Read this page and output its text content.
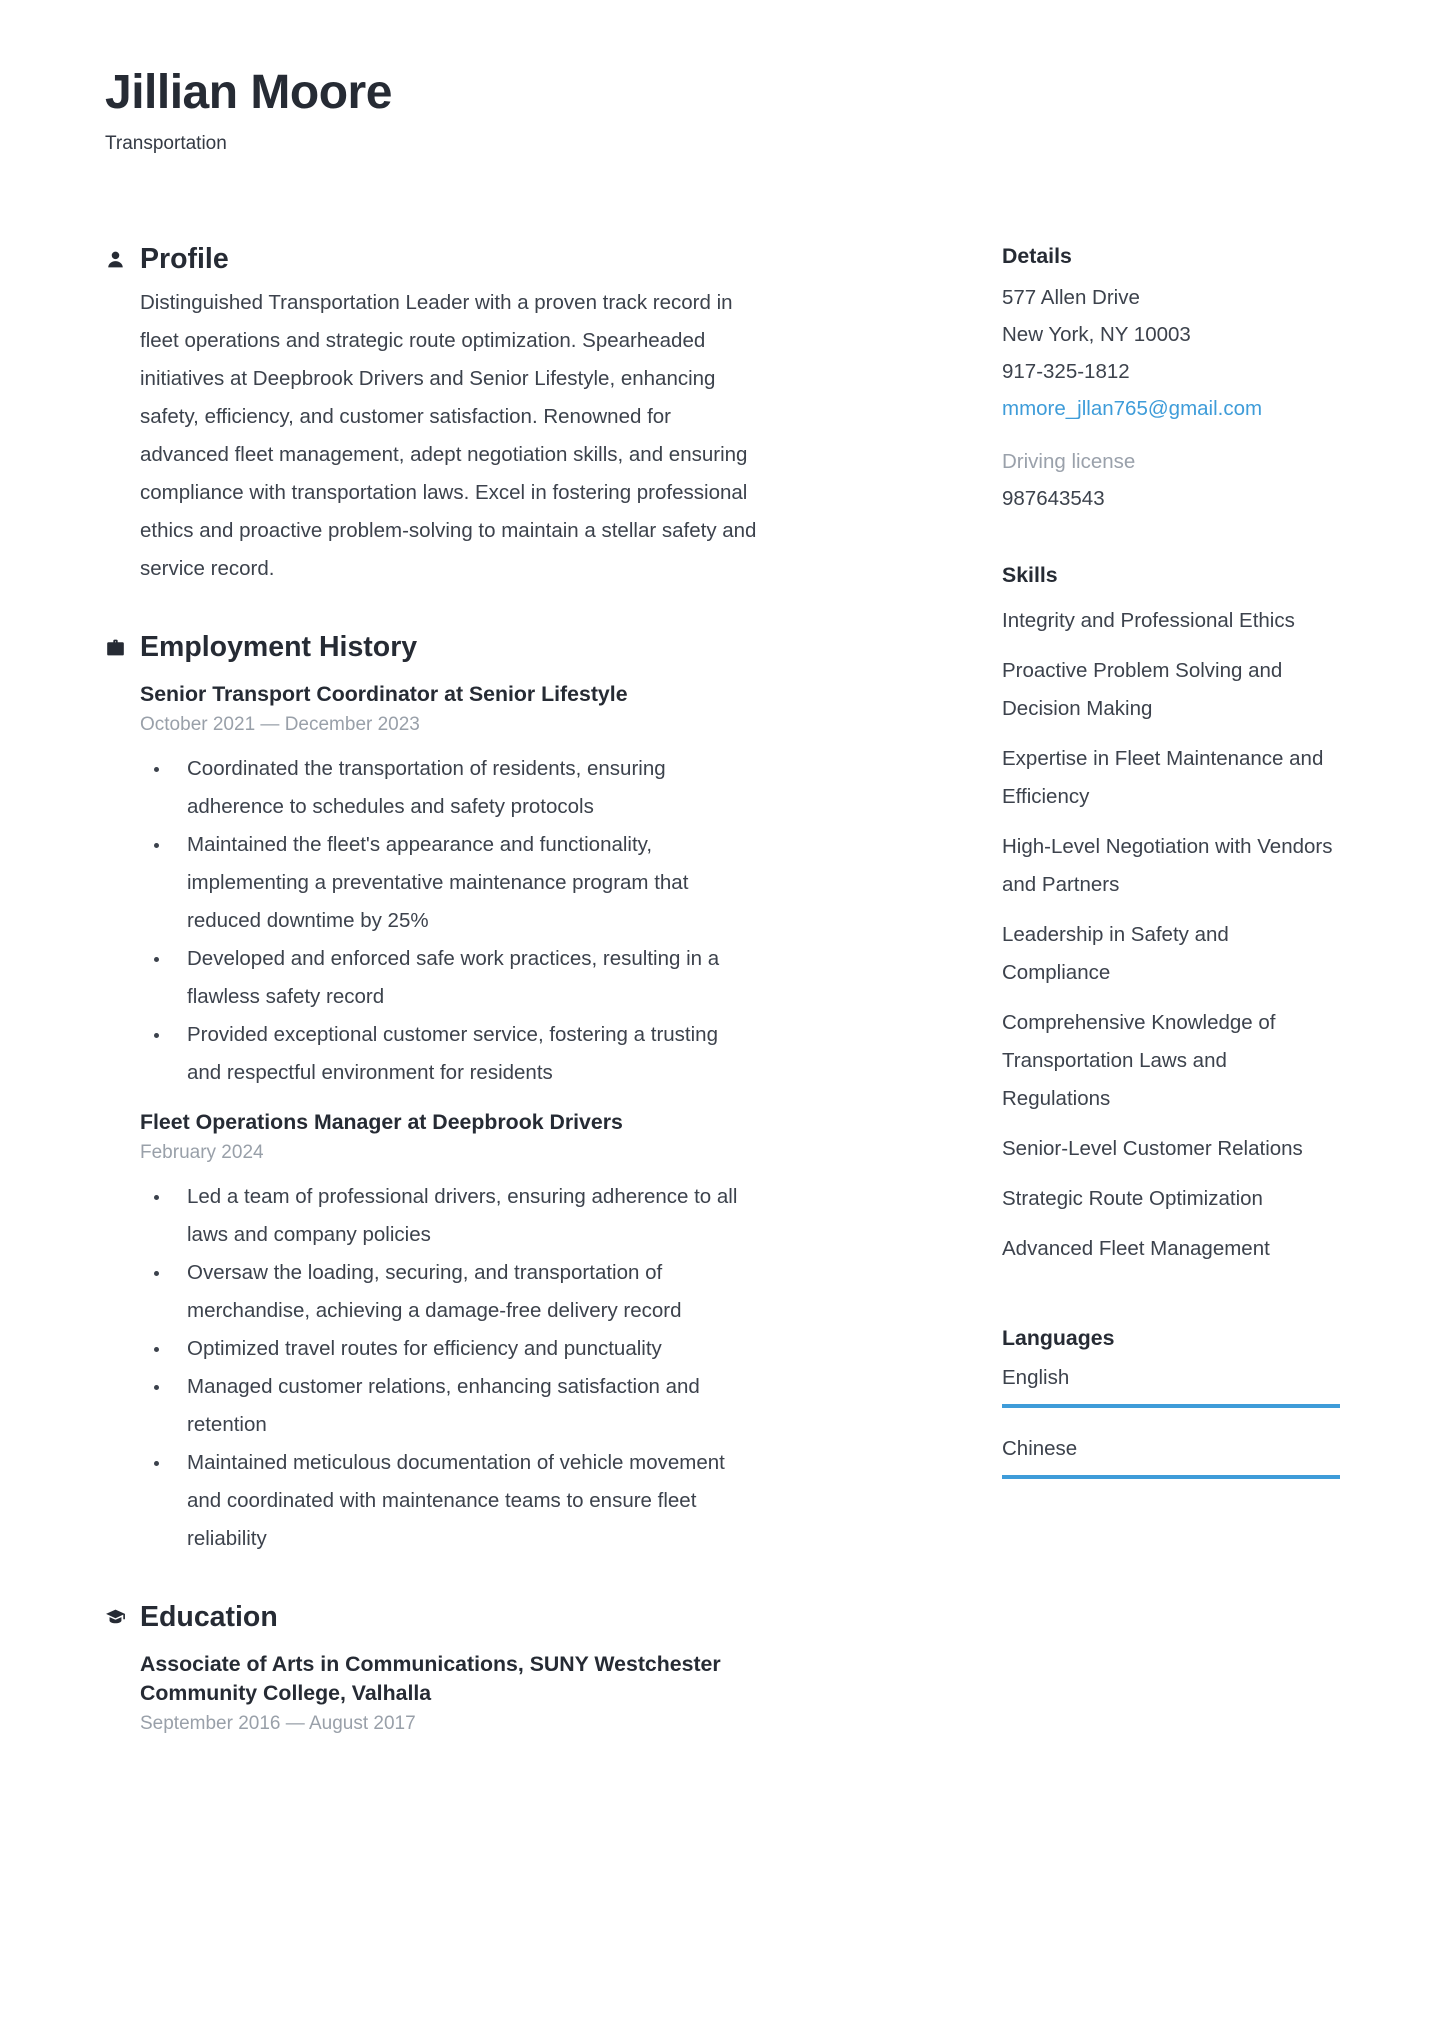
Jillian Moore
Transportation
Profile

Distinguished Transportation Leader with a proven track record in fleet operations and strategic route optimization. Spearheaded initiatives at Deepbrook Drivers and Senior Lifestyle, enhancing safety, efficiency, and customer satisfaction. Renowned for advanced fleet management, adept negotiation skills, and ensuring compliance with transportation laws. Excel in fostering professional ethics and proactive problem-solving to maintain a stellar safety and service record.

Employment History
Senior Transport Coordinator at Senior Lifestyle
October 2021 — December 2023
Coordinated the transportation of residents, ensuring adherence to schedules and safety protocols
Maintained the fleet's appearance and functionality, implementing a preventative maintenance program that reduced downtime by 25%
Developed and enforced safe work practices, resulting in a flawless safety record
Provided exceptional customer service, fostering a trusting and respectful environment for residents
Fleet Operations Manager at Deepbrook Drivers
February 2024
Led a team of professional drivers, ensuring adherence to all laws and company policies
Oversaw the loading, securing, and transportation of merchandise, achieving a damage-free delivery record
Optimized travel routes for efficiency and punctuality
Managed customer relations, enhancing satisfaction and retention
Maintained meticulous documentation of vehicle movement and coordinated with maintenance teams to ensure fleet reliability
Education
Associate of Arts in Communications, SUNY Westchester Community College, Valhalla
September 2016 — August 2017
Details
577 Allen Drive
New York, NY 10003
917-325-1812
mmore_jllan765@gmail.com
Driving license
987643543
Skills
Integrity and Professional Ethics
Proactive Problem Solving and Decision Making
Expertise in Fleet Maintenance and Efficiency
High-Level Negotiation with Vendors and Partners
Leadership in Safety and Compliance
Comprehensive Knowledge of Transportation Laws and Regulations
Senior-Level Customer Relations
Strategic Route Optimization
Advanced Fleet Management
Languages
English
Chinese
